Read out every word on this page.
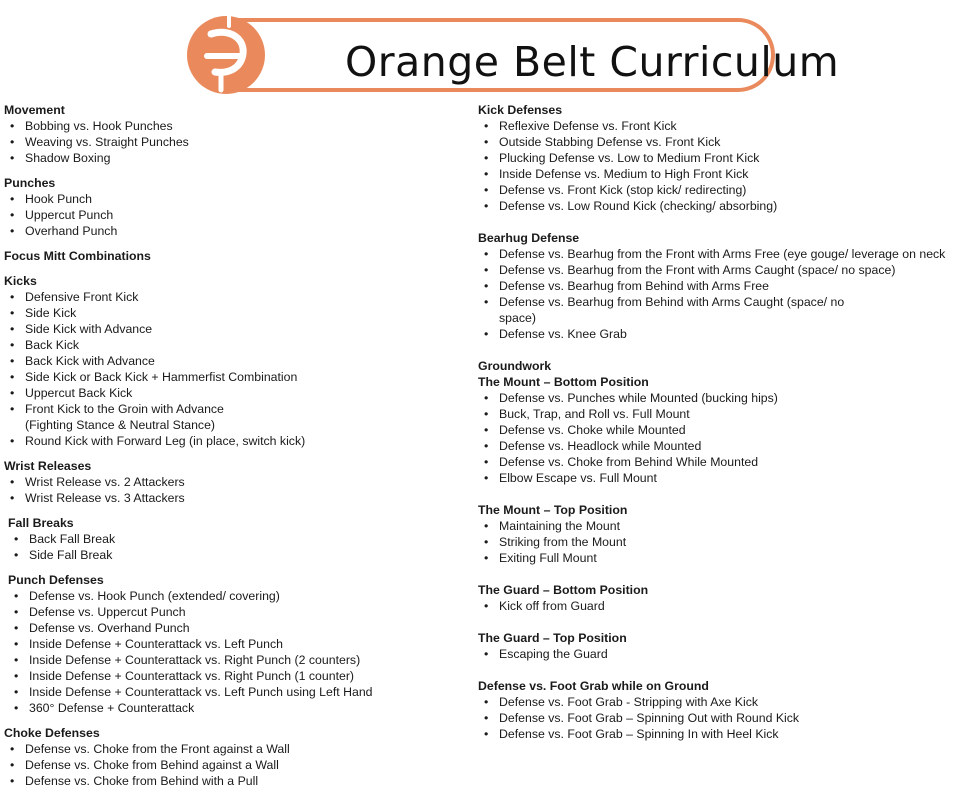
Orange Belt Curriculum
Movement
• Bobbing vs. Hook Punches
• Weaving vs. Straight Punches
• Shadow Boxing
Punches
• Hook Punch
• Uppercut Punch
• Overhand Punch
Focus Mitt Combinations
Kicks
• Defensive Front Kick
• Side Kick
• Side Kick with Advance
• Back Kick
• Back Kick with Advance
• Side Kick or Back Kick + Hammerfist Combination
• Uppercut Back Kick
• Front Kick to the Groin with Advance
(Fighting Stance & Neutral Stance)
• Round Kick with Forward Leg (in place, switch kick)
Wrist Releases
• Wrist Release vs. 2 Attackers
• Wrist Release vs. 3 Attackers
Fall Breaks
• Back Fall Break
• Side Fall Break
Punch Defenses
• Defense vs. Hook Punch (extended/ covering)
• Defense vs. Uppercut Punch
• Defense vs. Overhand Punch
• Inside Defense + Counterattack vs. Left Punch
• Inside Defense + Counterattack vs. Right Punch (2 counters)
• Inside Defense + Counterattack vs. Right Punch (1 counter)
• Inside Defense + Counterattack vs. Left Punch using Left Hand
• 360° Defense + Counterattack
Choke Defenses
• Defense vs. Choke from the Front against a Wall
• Defense vs. Choke from Behind against a Wall
• Defense vs. Choke from Behind with a Pull
Kick Defenses
• Reflexive Defense vs. Front Kick
• Outside Stabbing Defense vs. Front Kick
• Plucking Defense vs. Low to Medium Front Kick
• Inside Defense vs. Medium to High Front Kick
• Defense vs. Front Kick (stop kick/ redirecting)
• Defense vs. Low Round Kick (checking/ absorbing)
Bearhug Defense
• Defense vs. Bearhug from the Front with Arms Free (eye gouge/ leverage on neck
• Defense vs. Bearhug from the Front with Arms Caught (space/ no space)
• Defense vs. Bearhug from Behind with Arms Free
• Defense vs. Bearhug from Behind with Arms Caught (space/ no
space)
• Defense vs. Knee Grab
Groundwork
The Mount – Bottom Position
• Defense vs. Punches while Mounted (bucking hips)
• Buck, Trap, and Roll vs. Full Mount
• Defense vs. Choke while Mounted
• Defense vs. Headlock while Mounted
• Defense vs. Choke from Behind While Mounted
• Elbow Escape vs. Full Mount
The Mount – Top Position
• Maintaining the Mount
• Striking from the Mount
• Exiting Full Mount
The Guard – Bottom Position
• Kick off from Guard
The Guard – Top Position
• Escaping the Guard
Defense vs. Foot Grab while on Ground
• Defense vs. Foot Grab - Stripping with Axe Kick
• Defense vs. Foot Grab – Spinning Out with Round Kick
• Defense vs. Foot Grab – Spinning In with Heel Kick
